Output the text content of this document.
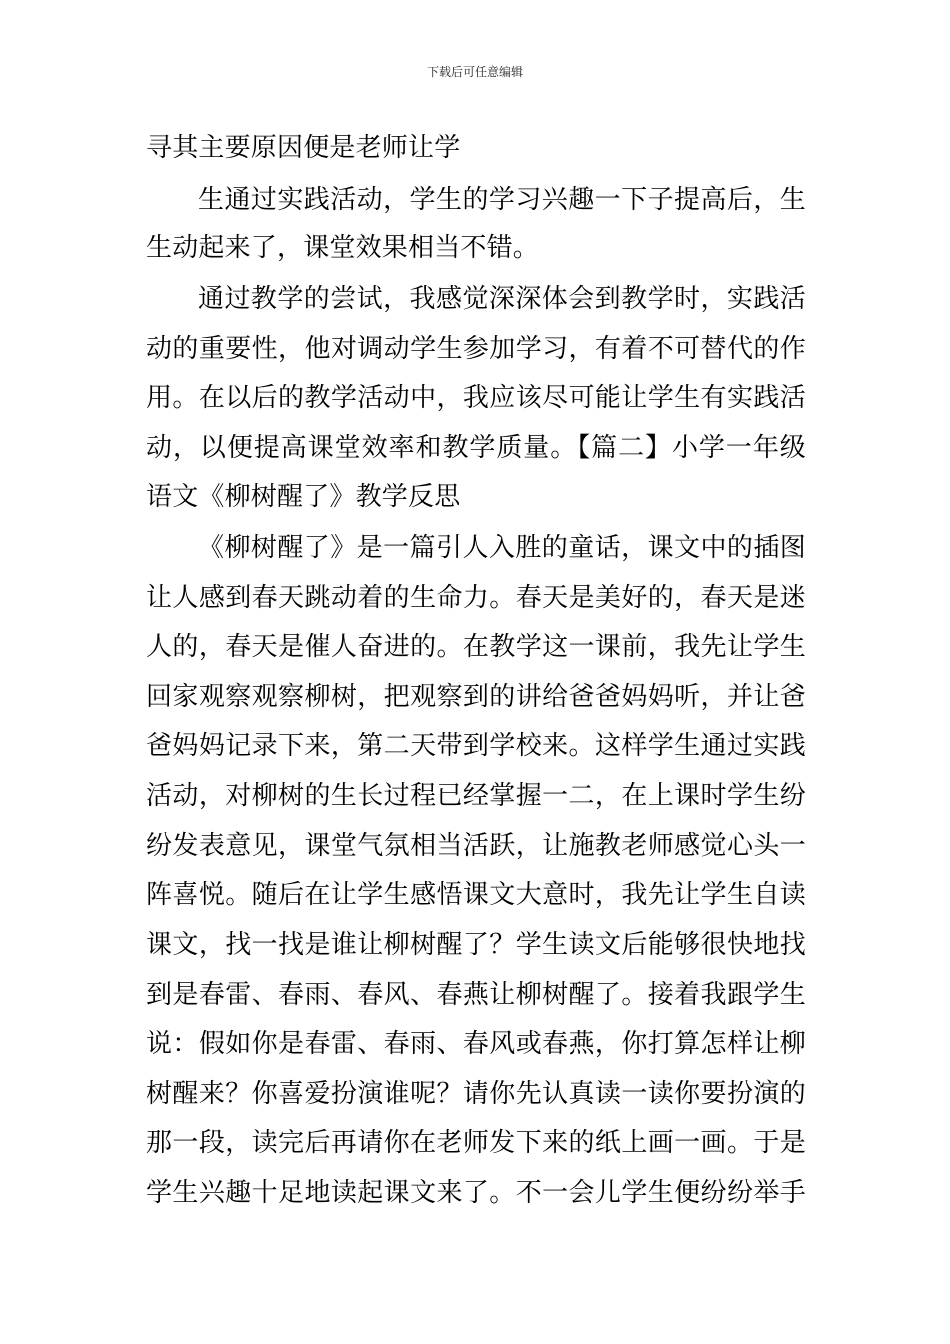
下载后可任意编辑
寻其主要原因便是老师让学
生通过实践活动，学生的学习兴趣一下子提高后，生
生动起来了，课堂效果相当不错。
通过教学的尝试，我感觉深深体会到教学时，实践活
动的重要性，他对调动学生参加学习，有着不可替代的作
用。在以后的教学活动中，我应该尽可能让学生有实践活
动，以便提高课堂效率和教学质量。【篇二】小学一年级
语文《柳树醒了》教学反思
《柳树醒了》是一篇引人入胜的童话，课文中的插图
让人感到春天跳动着的生命力。春天是美好的，春天是迷
人的，春天是催人奋进的。在教学这一课前，我先让学生
回家观察观察柳树，把观察到的讲给爸爸妈妈听，并让爸
爸妈妈记录下来，第二天带到学校来。这样学生通过实践
活动，对柳树的生长过程已经掌握一二，在上课时学生纷
纷发表意见，课堂气氛相当活跃，让施教老师感觉心头一
阵喜悦。随后在让学生感悟课文大意时，我先让学生自读
课文，找一找是谁让柳树醒了？学生读文后能够很快地找
到是春雷、春雨、春风、春燕让柳树醒了。接着我跟学生
说：假如你是春雷、春雨、春风或春燕，你打算怎样让柳
树醒来？你喜爱扮演谁呢？请你先认真读一读你要扮演的
那一段，读完后再请你在老师发下来的纸上画一画。于是
学生兴趣十足地读起课文来了。不一会儿学生便纷纷举手
